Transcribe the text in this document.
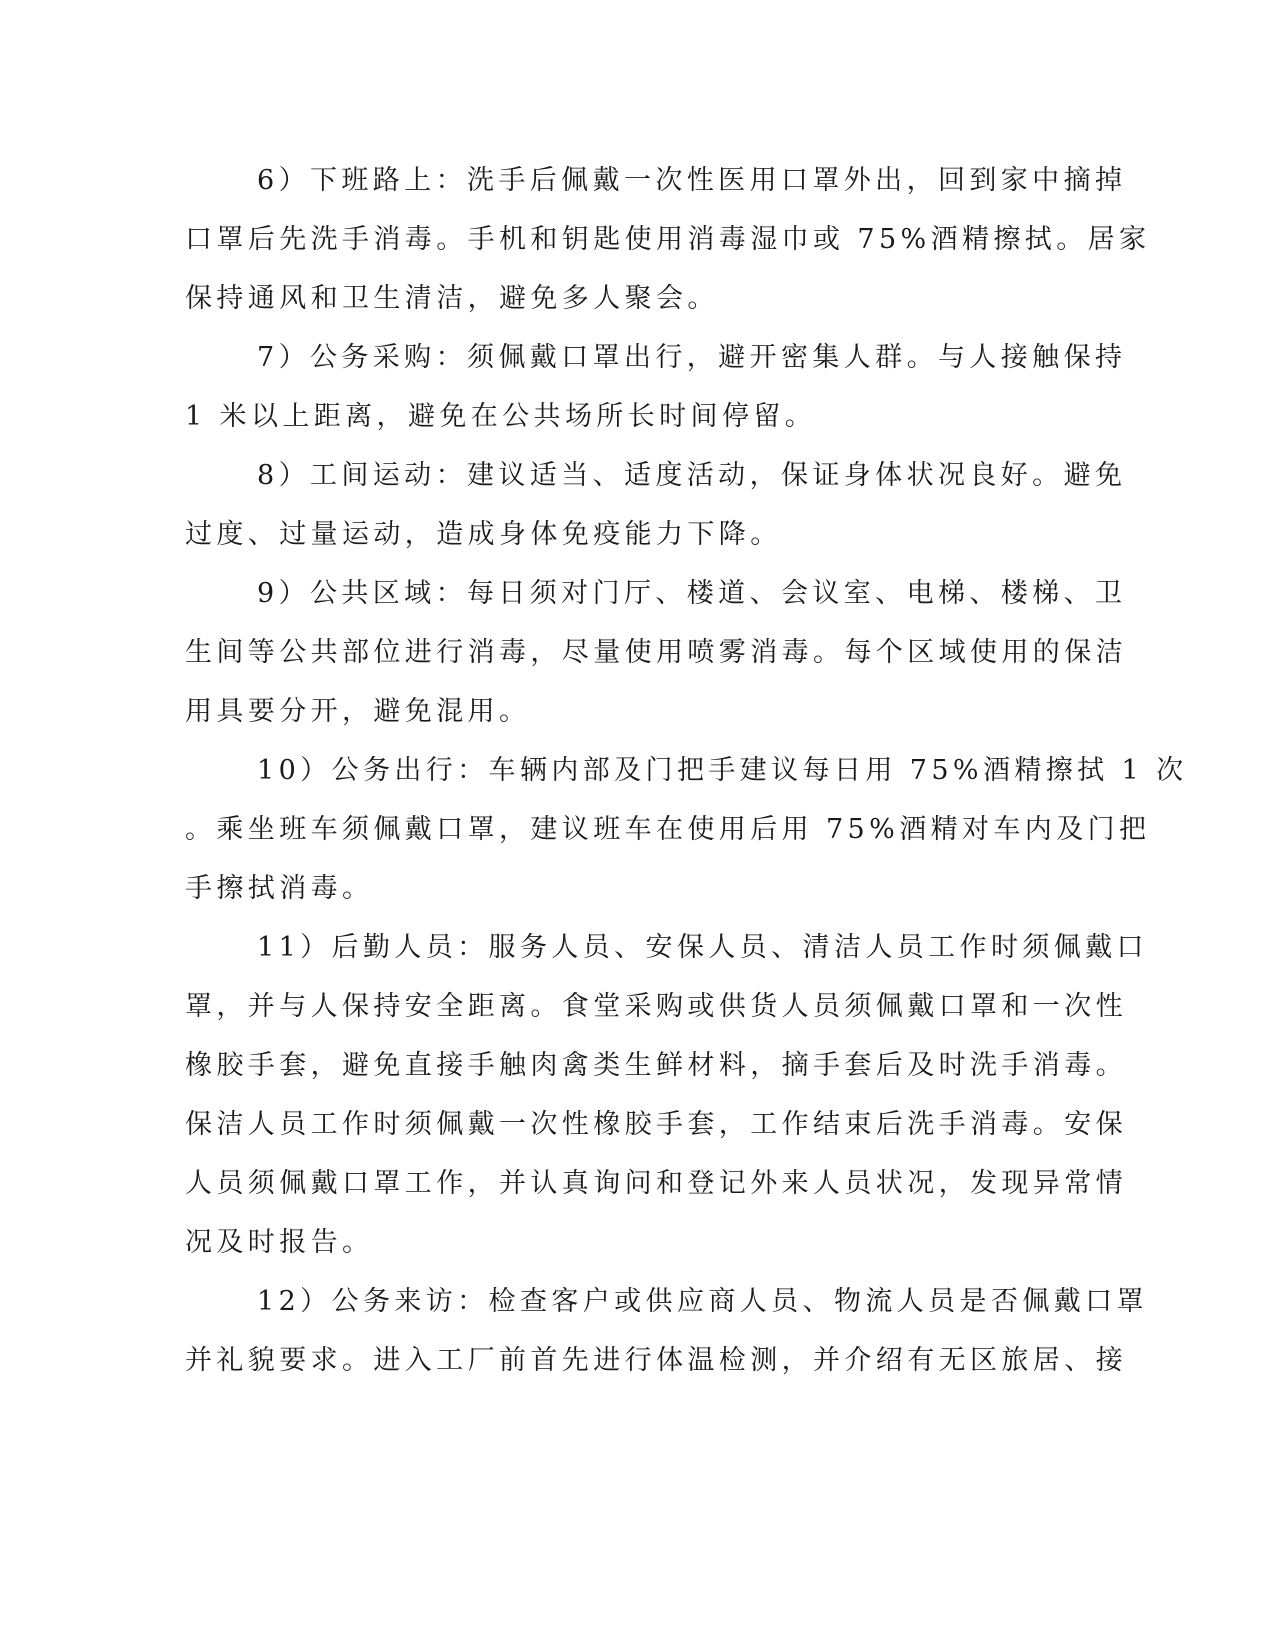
6）下班路上：洗手后佩戴一次性医用口罩外出，回到家中摘掉
口罩后先洗手消毒。手机和钥匙使用消毒湿巾或 75%酒精擦拭。居家
保持通风和卫生清洁，避免多人聚会。
7）公务采购：须佩戴口罩出行，避开密集人群。与人接触保持
1 米以上距离，避免在公共场所长时间停留。
8）工间运动：建议适当、适度活动，保证身体状况良好。避免
过度、过量运动，造成身体免疫能力下降。
9）公共区域：每日须对门厅、楼道、会议室、电梯、楼梯、卫
生间等公共部位进行消毒，尽量使用喷雾消毒。每个区域使用的保洁
用具要分开，避免混用。
10）公务出行：车辆内部及门把手建议每日用 75%酒精擦拭 1 次
。乘坐班车须佩戴口罩，建议班车在使用后用 75%酒精对车内及门把
手擦拭消毒。
11）后勤人员：服务人员、安保人员、清洁人员工作时须佩戴口
罩，并与人保持安全距离。食堂采购或供货人员须佩戴口罩和一次性
橡胶手套，避免直接手触肉禽类生鲜材料，摘手套后及时洗手消毒。
保洁人员工作时须佩戴一次性橡胶手套，工作结束后洗手消毒。安保
人员须佩戴口罩工作，并认真询问和登记外来人员状况，发现异常情
况及时报告。
12）公务来访：检查客户或供应商人员、物流人员是否佩戴口罩
并礼貌要求。进入工厂前首先进行体温检测，并介绍有无区旅居、接
